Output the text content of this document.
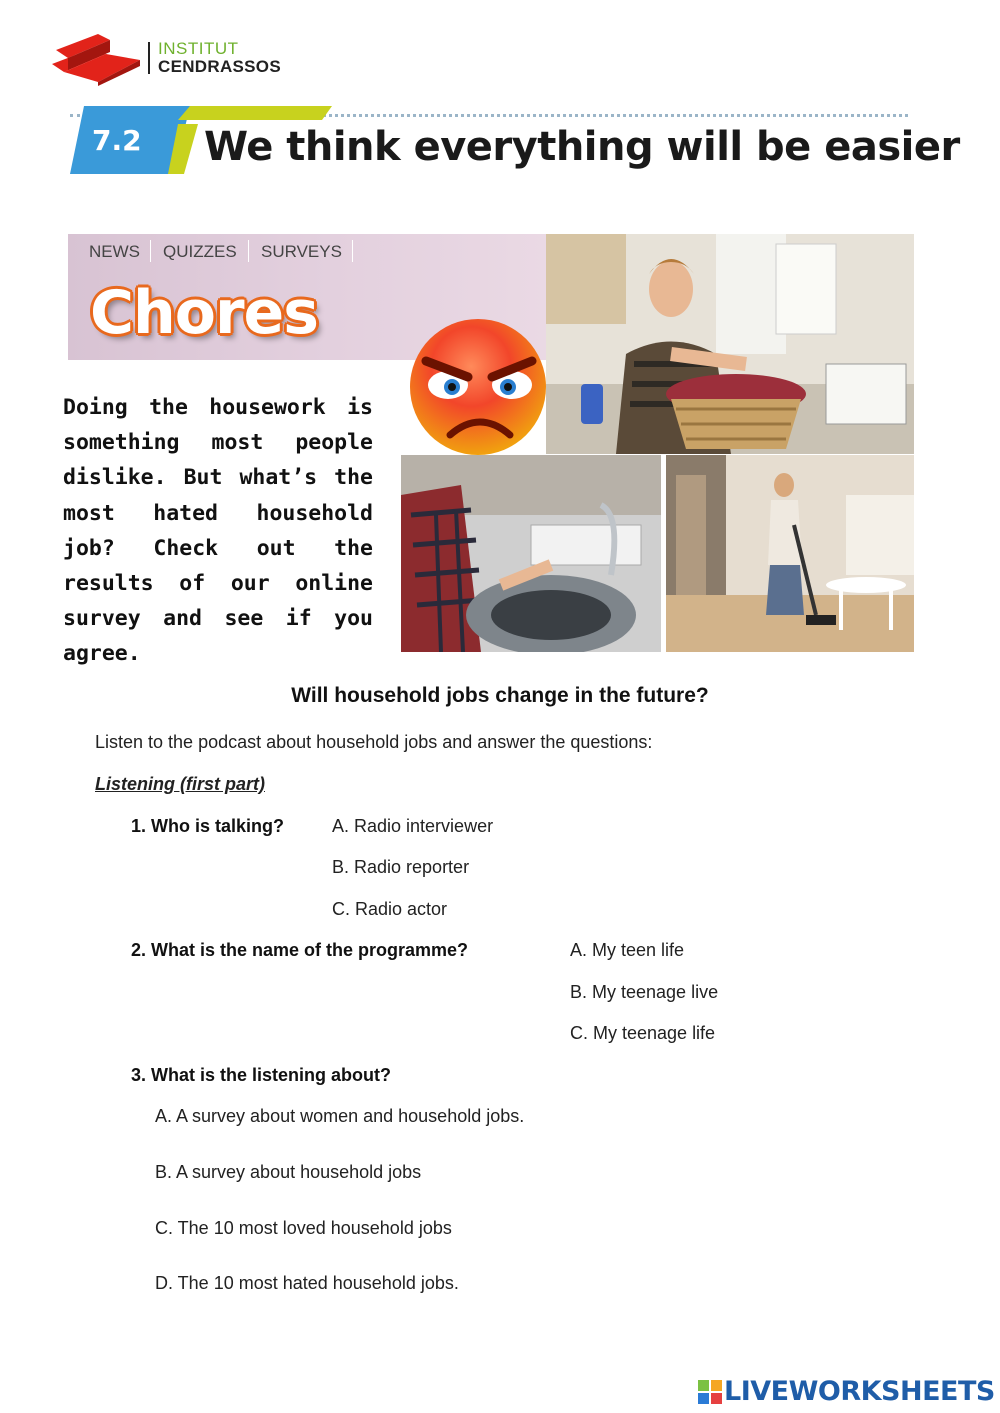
INSTITUT
CENDRASSOS
7.2 We think everything will be easier
NEWS QUIZZES SURVEYS
Chores
Doing the housework is something most people dislike. But what’s the most hated household job? Check out the results of our online survey and see if you agree.
Will household jobs change in the future?
Listen to the podcast about household jobs and answer the questions:
Listening (first part)
1. Who is talking?	A. Radio interviewer
B. Radio reporter
C. Radio actor
2. What is the name of the programme?	A. My teen life
B. My teenage live
C. My teenage life
3. What is the listening about?
A. A survey about women and household jobs.
B. A survey about household jobs
C. The 10 most loved household jobs
D. The 10 most hated household jobs.
LIVEWORKSHEETS
